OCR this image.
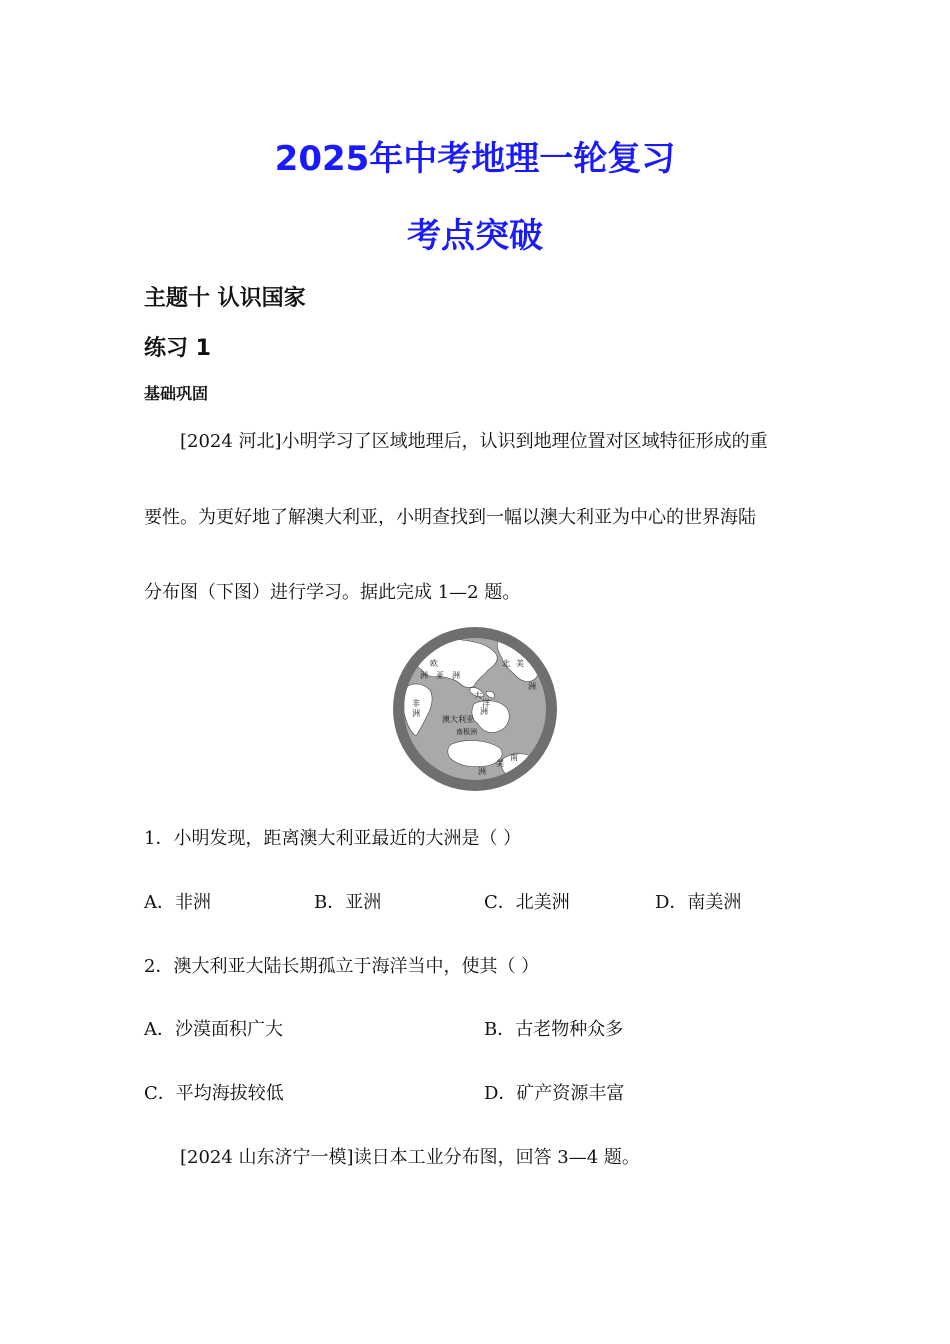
2025年中考地理一轮复习
考点突破
主题十 认识国家
练习 1
基础巩固

[2024 河北]小明学习了区域地理后，认识到地理位置对区域特征形成的重

要性。为更好地了解澳大利亚，小明查找到一幅以澳大利亚为中心的世界海陆

分布图（下图）进行学习。据此完成 1—2 题。

欧
洲 亚 洲
北 美
洲
非
洲
大
洋
洲
澳大利亚
南极洲
南
美
洲

1．小明发现，距离澳大利亚最近的大洲是（ ）

A．非洲	B．亚洲	C．北美洲	D．南美洲

2．澳大利亚大陆长期孤立于海洋当中，使其（ ）

A．沙漠面积广大	B．古老物种众多

C．平均海拔较低	D．矿产资源丰富

[2024 山东济宁一模]读日本工业分布图，回答 3—4 题。
